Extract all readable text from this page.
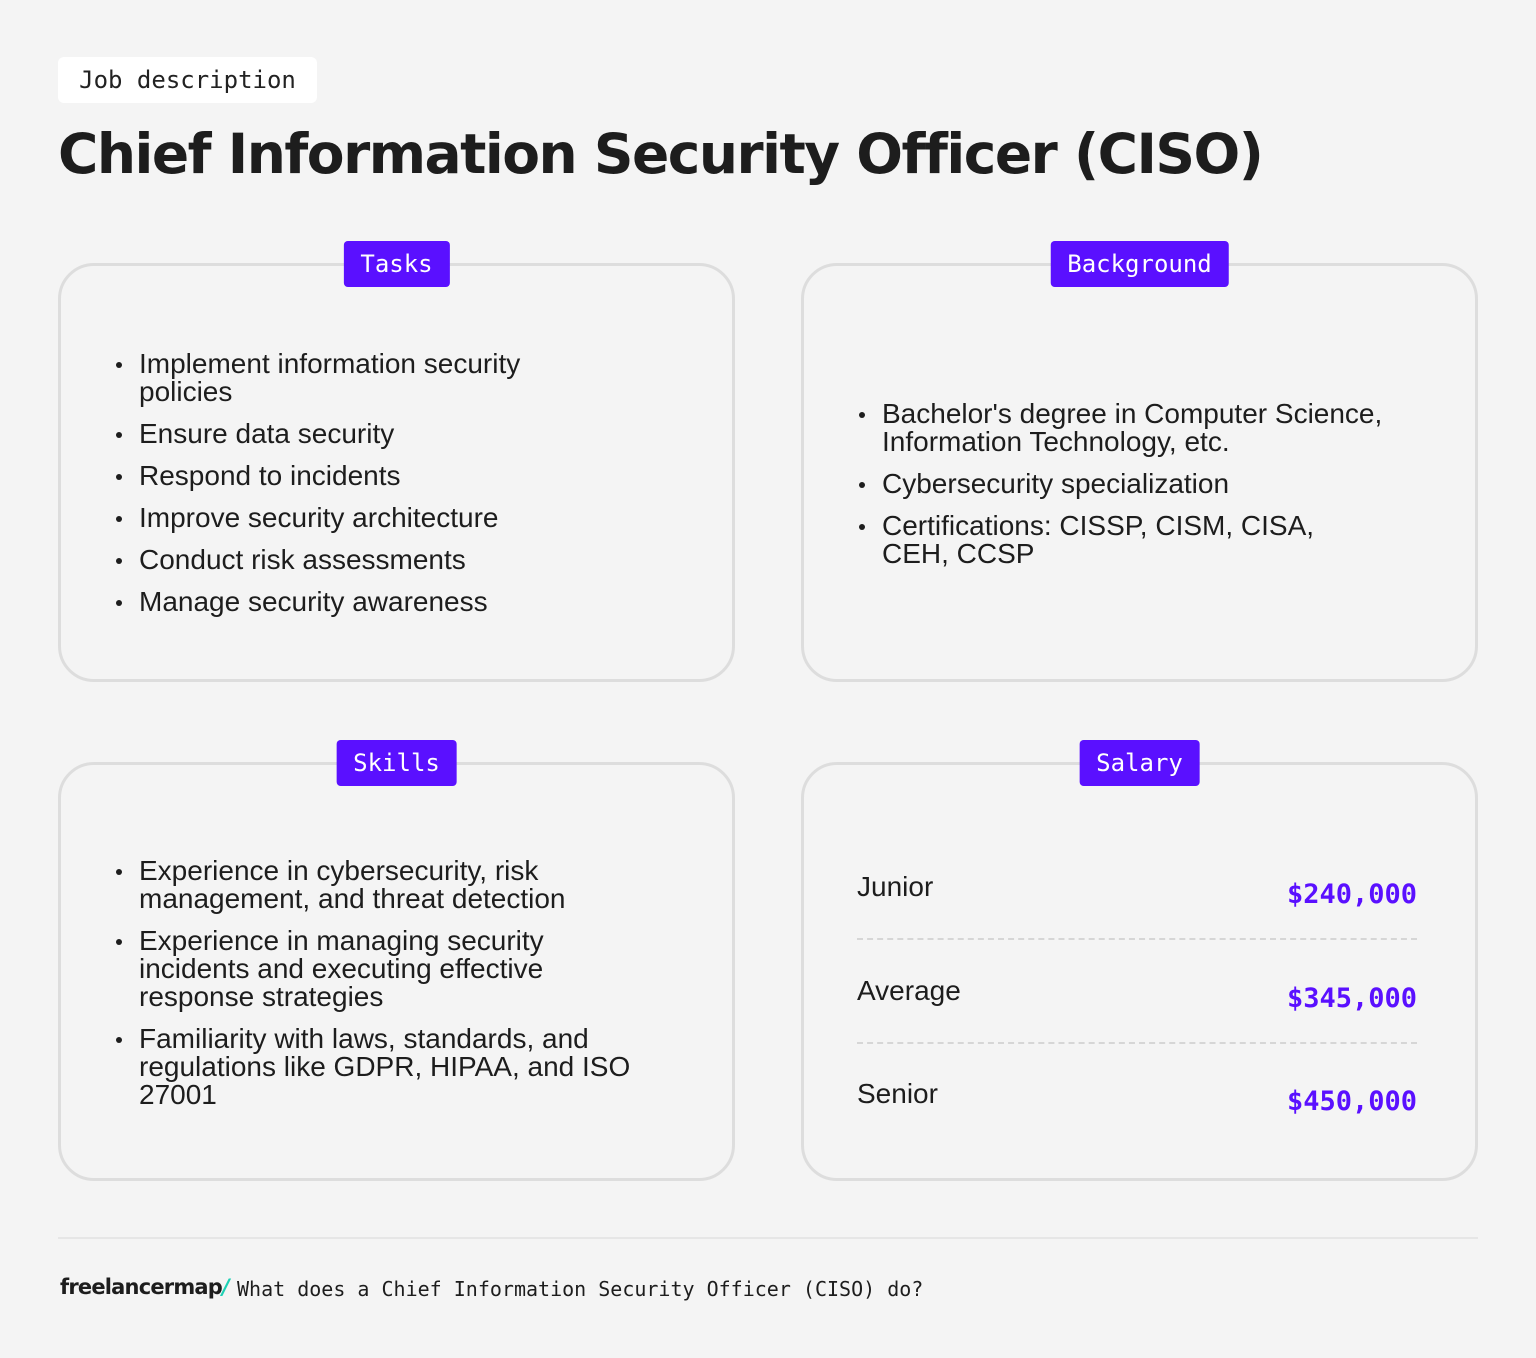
Job description
Chief Information Security Officer (CISO)
Tasks
Implement information security policies
Ensure data security
Respond to incidents
Improve security architecture
Conduct risk assessments
Manage security awareness
Background
Bachelor's degree in Computer Science, Information Technology, etc.
Cybersecurity specialization
Certifications: CISSP, CISM, CISA, CEH, CCSP
Skills
Experience in cybersecurity, risk management, and threat detection
Experience in managing security incidents and executing effective response strategies
Familiarity with laws, standards, and regulations like GDPR, HIPAA, and ISO 27001
Salary
Junior	$240,000
Average	$345,000
Senior	$450,000
freelancermap/ What does a Chief Information Security Officer (CISO) do?
